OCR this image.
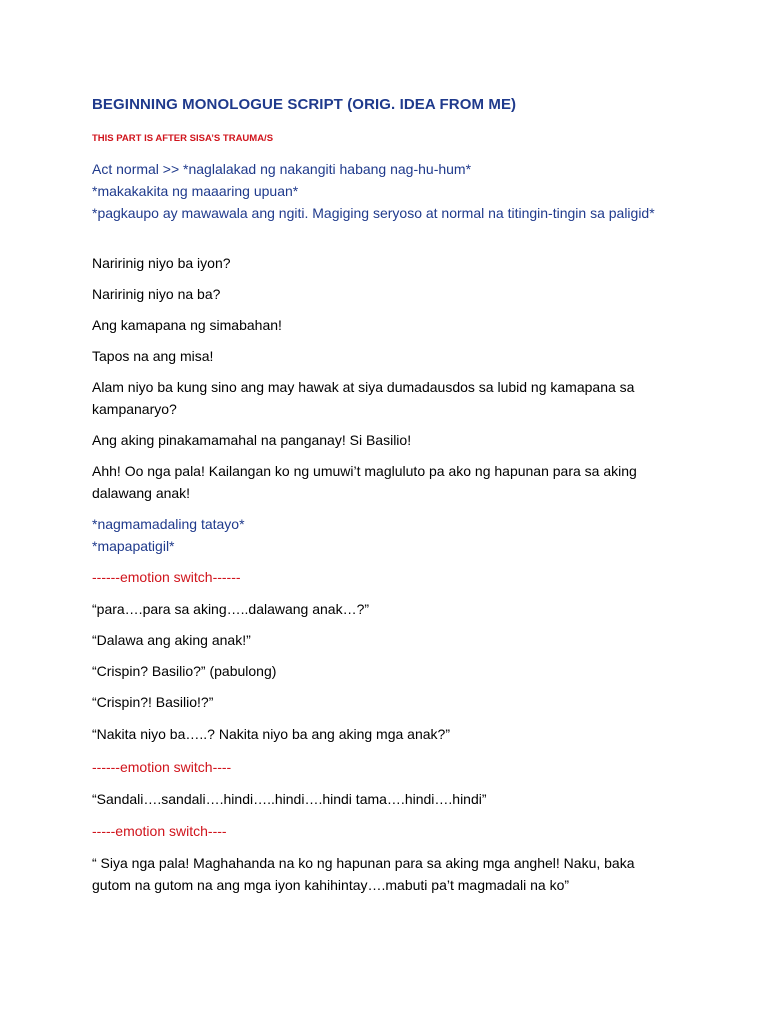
BEGINNING MONOLOGUE SCRIPT (ORIG. IDEA FROM ME)
THIS PART IS AFTER SISA’S TRAUMA/S
Act normal >> *naglalakad ng nakangiti habang nag-hu-hum*
*makakakita ng maaaring upuan*
*pagkaupo ay mawawala ang ngiti. Magiging seryoso at normal na titingin-tingin sa paligid*
Naririnig niyo ba iyon?
Naririnig niyo na ba?
Ang kamapana ng simabahan!
Tapos na ang misa!
Alam niyo ba kung sino ang may hawak at siya dumadausdos sa lubid ng kamapana sa
kampanaryo?
Ang aking pinakamamahal na panganay! Si Basilio!
Ahh! Oo nga pala! Kailangan ko ng umuwi’t magluluto pa ako ng hapunan para sa aking
dalawang anak!
*nagmamadaling tatayo*
*mapapatigil*
------emotion switch------
“para….para sa aking…..dalawang anak…?”
“Dalawa ang aking anak!”
“Crispin? Basilio?” (pabulong)
“Crispin?! Basilio!?”
“Nakita niyo ba…..? Nakita niyo ba ang aking mga anak?”
------emotion switch----
“Sandali….sandali….hindi…..hindi….hindi tama….hindi….hindi”
-----emotion switch----
“ Siya nga pala! Maghahanda na ko ng hapunan para sa aking mga anghel! Naku, baka
gutom na gutom na ang mga iyon kahihintay….mabuti pa’t magmadali na ko”
